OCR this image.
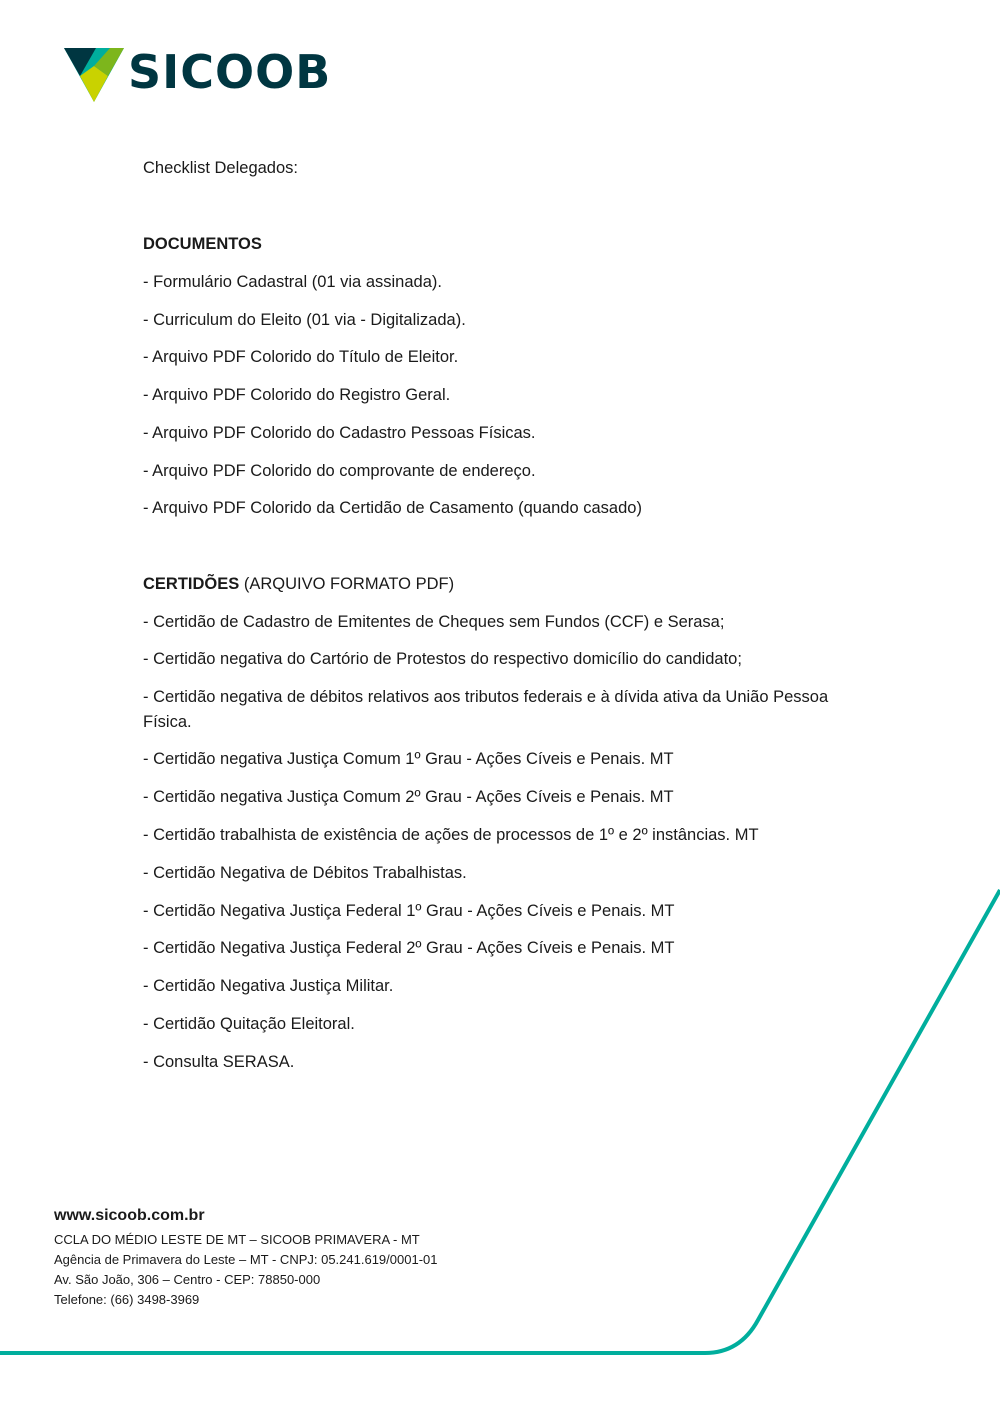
SICOOB
Checklist Delegados:
DOCUMENTOS
- Formulário Cadastral (01 via assinada).
- Curriculum do Eleito (01 via - Digitalizada).
- Arquivo PDF Colorido do Título de Eleitor.
- Arquivo PDF Colorido do Registro Geral.
- Arquivo PDF Colorido do Cadastro Pessoas Físicas.
- Arquivo PDF Colorido do comprovante de endereço.
- Arquivo PDF Colorido da Certidão de Casamento (quando casado)
CERTIDÕES (ARQUIVO FORMATO PDF)
- Certidão de Cadastro de Emitentes de Cheques sem Fundos (CCF) e Serasa;
- Certidão negativa do Cartório de Protestos do respectivo domicílio do candidato;
- Certidão negativa de débitos relativos aos tributos federais e à dívida ativa da União Pessoa Física.
- Certidão negativa Justiça Comum 1º Grau - Ações Cíveis e Penais. MT
- Certidão negativa Justiça Comum 2º Grau - Ações Cíveis e Penais. MT
- Certidão trabalhista de existência de ações de processos de 1º e 2º instâncias. MT
- Certidão Negativa de Débitos Trabalhistas.
- Certidão Negativa Justiça Federal 1º Grau - Ações Cíveis e Penais. MT
- Certidão Negativa Justiça Federal 2º Grau - Ações Cíveis e Penais. MT
- Certidão Negativa Justiça Militar.
- Certidão Quitação Eleitoral.
- Consulta SERASA.
www.sicoob.com.br
CCLA DO MÉDIO LESTE DE MT – SICOOB PRIMAVERA - MT
Agência de Primavera do Leste – MT - CNPJ: 05.241.619/0001-01
Av. São João, 306 – Centro - CEP: 78850-000
Telefone: (66) 3498-3969
